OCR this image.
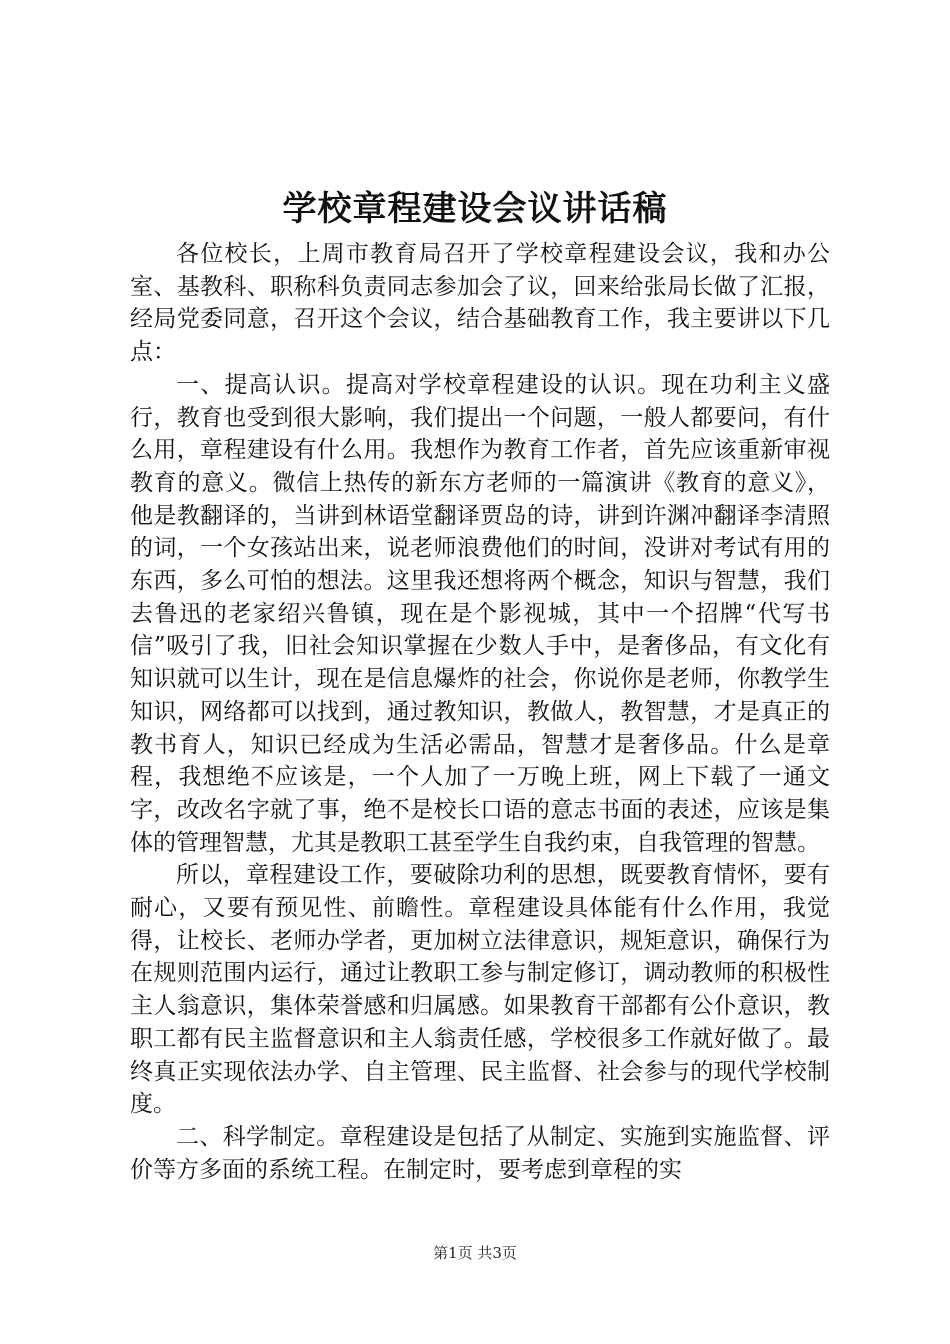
学校章程建设会议讲话稿

各位校长，上周市教育局召开了学校章程建设会议，我和办公室、基教科、职称科负责同志参加会了议，回来给张局长做了汇报，经局党委同意，召开这个会议，结合基础教育工作，我主要讲以下几点：

一、提高认识。提高对学校章程建设的认识。现在功利主义盛行，教育也受到很大影响，我们提出一个问题，一般人都要问，有什么用，章程建设有什么用。我想作为教育工作者，首先应该重新审视教育的意义。微信上热传的新东方老师的一篇演讲《教育的意义》，他是教翻译的，当讲到林语堂翻译贾岛的诗，讲到许渊冲翻译李清照的词，一个女孩站出来，说老师浪费他们的时间，没讲对考试有用的东西，多么可怕的想法。这里我还想将两个概念，知识与智慧，我们去鲁迅的老家绍兴鲁镇，现在是个影视城，其中一个招牌“代写书信”吸引了我，旧社会知识掌握在少数人手中，是奢侈品，有文化有知识就可以生计，现在是信息爆炸的社会，你说你是老师，你教学生知识，网络都可以找到，通过教知识，教做人，教智慧，才是真正的教书育人，知识已经成为生活必需品，智慧才是奢侈品。什么是章程，我想绝不应该是，一个人加了一万晚上班，网上下载了一通文字，改改名字就了事，绝不是校长口语的意志书面的表述，应该是集体的管理智慧，尤其是教职工甚至学生自我约束，自我管理的智慧。

所以，章程建设工作，要破除功利的思想，既要教育情怀，要有耐心，又要有预见性、前瞻性。章程建设具体能有什么作用，我觉得，让校长、老师办学者，更加树立法律意识，规矩意识，确保行为在规则范围内运行，通过让教职工参与制定修订，调动教师的积极性主人翁意识，集体荣誉感和归属感。如果教育干部都有公仆意识，教职工都有民主监督意识和主人翁责任感，学校很多工作就好做了。最终真正实现依法办学、自主管理、民主监督、社会参与的现代学校制度。

二、科学制定。章程建设是包括了从制定、实施到实施监督、评价等方多面的系统工程。在制定时，要考虑到章程的实

第1页 共3页
